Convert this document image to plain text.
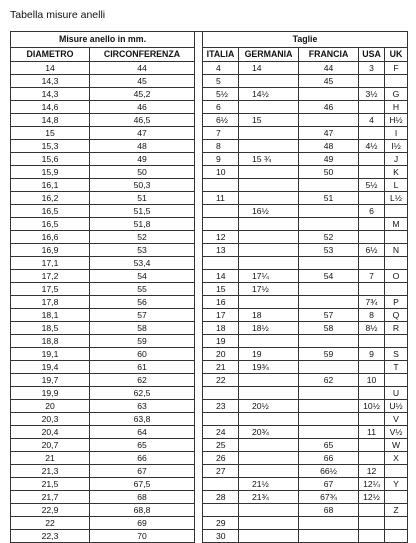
Tabella misure anelli
Misure anello in mm.			Taglie				
DIAMETRO	CIRCONFERENZA		ITALIA	GERMANIA	FRANCIA	USA	UK
14	44		4	14	44	3	F
14,3	45		5		45		
14,3	45,2		5½	14½		3½	G
14,6	46		6		46		H
14,8	46,5		6½	15		4	H½
15	47		7		47		I
15,3	48		8		48	4½	I½
15,6	49		9	15 ¾	49		J
15,9	50		10		50		K
16,1	50,3					5½	L
16,2	51		11		51		L½
16,5	51,5			16½		6	
16,5	51,8						M
16,6	52		12		52		
16,9	53		13		53	6½	N
17,1	53,4						
17,2	54		14	17¼	54	7	O
17,5	55		15	17½			
17,8	56		16			7¾	P
18,1	57		17	18	57	8	Q
18,5	58		18	18½	58	8½	R
18,8	59		19				
19,1	60		20	19	59	9	S
19,4	61		21	19¾			T
19,7	62		22		62	10	
19,9	62,5						U
20	63		23	20½		10½	U½
20,3	63,8						V
20,4	64		24	20¾		11	V½
20,7	65		25		65		W
21	66		26		66		X
21,3	67		27		66½	12	
21,5	67,5			21½	67	12¼	Y
21,7	68		28	21¾	67¾	12½	
22,9	68,8				68		Z
22	69		29				
22,3	70		30				
